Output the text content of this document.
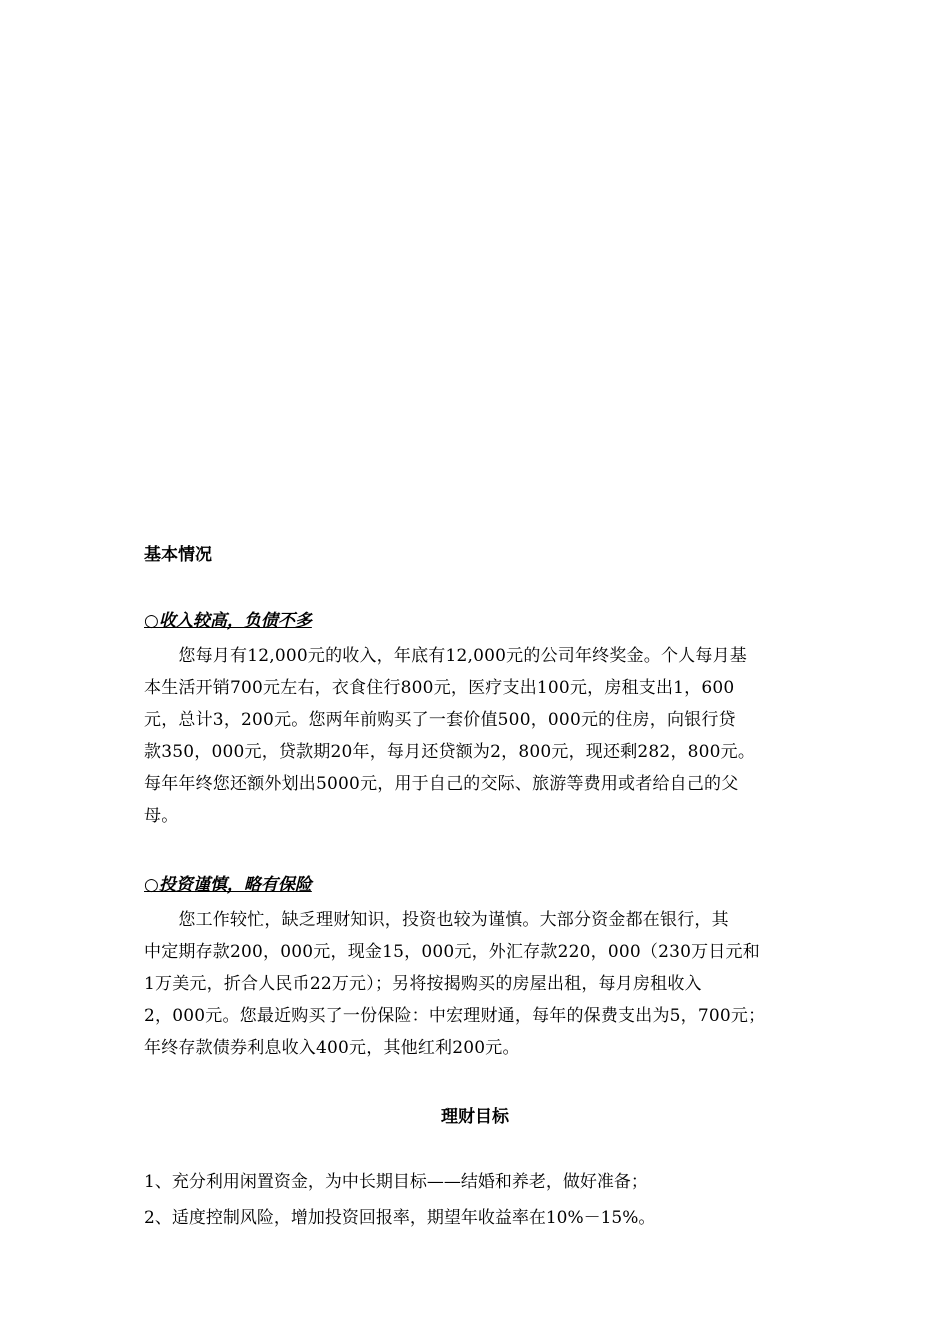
基本情况
○收入较高，负债不多
　　您每月有12,000元的收入，年底有12,000元的公司年终奖金。个人每月基
本生活开销700元左右，衣食住行800元，医疗支出100元，房租支出1，600
元，总计3，200元。您两年前购买了一套价值500，000元的住房，向银行贷
款350，000元，贷款期20年，每月还贷额为2，800元，现还剩282，800元。
每年年终您还额外划出5000元，用于自己的交际、旅游等费用或者给自己的父
母。
○投资谨慎，略有保险
　　您工作较忙，缺乏理财知识，投资也较为谨慎。大部分资金都在银行，其
中定期存款200，000元，现金15，000元，外汇存款220，000（230万日元和
1万美元，折合人民币22万元）；另将按揭购买的房屋出租，每月房租收入
2，000元。您最近购买了一份保险：中宏理财通，每年的保费支出为5，700元；
年终存款债券利息收入400元，其他红利200元。
理财目标
1、充分利用闲置资金，为中长期目标——结婚和养老，做好准备；
2、适度控制风险，增加投资回报率，期望年收益率在10%－15%。
